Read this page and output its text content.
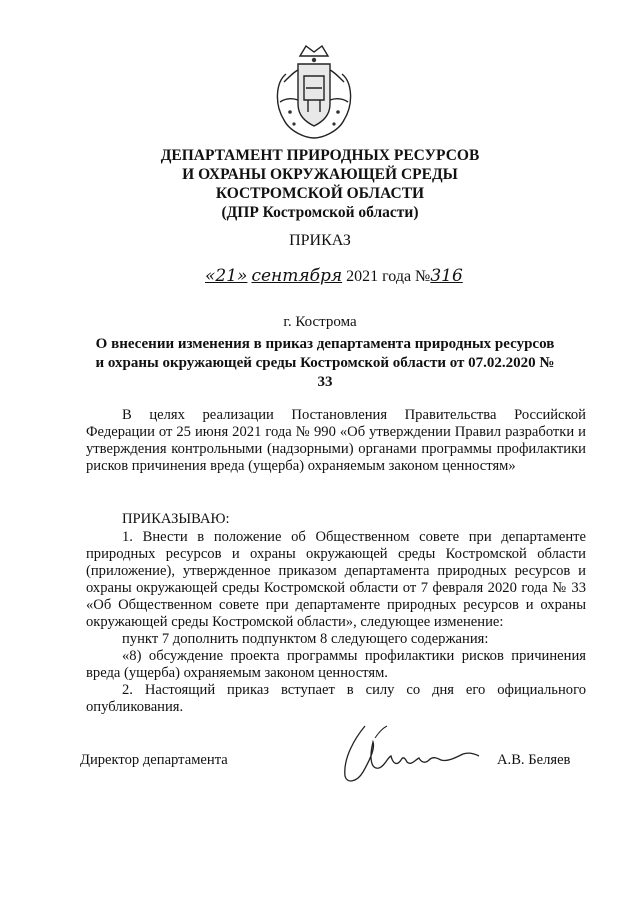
ДЕПАРТАМЕНТ ПРИРОДНЫХ РЕСУРСОВ
И ОХРАНЫ ОКРУЖАЮЩЕЙ СРЕДЫ
КОСТРОМСКОЙ ОБЛАСТИ
(ДПР Костромской области)
ПРИКАЗ
«21» сентября 2021 года №316
г. Кострома
О внесении изменения в приказ департамента природных ресурсов и охраны окружающей среды Костромской области от 07.02.2020 № 33

В целях реализации Постановления Правительства Российской Федерации от 25 июня 2021 года № 990 «Об утверждении Правил разработки и утверждения контрольными (надзорными) органами программы профилактики рисков причинения вреда (ущерба) охраняемым законом ценностям»

ПРИКАЗЫВАЮ:

1. Внести в положение об Общественном совете при департаменте природных ресурсов и охраны окружающей среды Костромской области (приложение), утвержденное приказом департамента природных ресурсов и охраны окружающей среды Костромской области от 7 февраля 2020 года № 33 «Об Общественном совете при департаменте природных ресурсов и охраны окружающей среды Костромской области», следующее изменение:

пункт 7 дополнить подпунктом 8 следующего содержания:

«8) обсуждение проекта программы профилактики рисков причинения вреда (ущерба) охраняемым законом ценностям.

2. Настоящий приказ вступает в силу со дня его официального опубликования.

Директор департамента	А.В. Беляев
